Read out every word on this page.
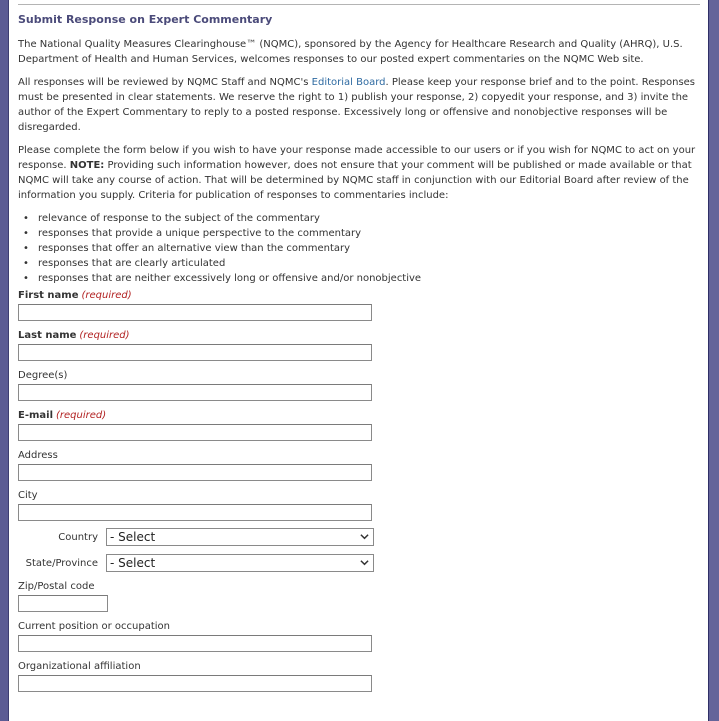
Submit Response on Expert Commentary

The National Quality Measures Clearinghouse™ (NQMC), sponsored by the Agency for Healthcare Research and Quality (AHRQ), U.S. Department of Health and Human Services, welcomes responses to our posted expert commentaries on the NQMC Web site.

All responses will be reviewed by NQMC Staff and NQMC's Editorial Board. Please keep your response brief and to the point. Responses must be presented in clear statements. We reserve the right to 1) publish your response, 2) copyedit your response, and 3) invite the author of the Expert Commentary to reply to a posted response. Excessively long or offensive and nonobjective responses will be disregarded.

Please complete the form below if you wish to have your response made accessible to our users or if you wish for NQMC to act on your response. NOTE: Providing such information however, does not ensure that your comment will be published or made available or that NQMC will take any course of action. That will be determined by NQMC staff in conjunction with our Editorial Board after review of the information you supply. Criteria for publication of responses to commentaries include:

• relevance of response to the subject of the commentary
• responses that provide a unique perspective to the commentary
• responses that offer an alternative view than the commentary
• responses that are clearly articulated
• responses that are neither excessively long or offensive and/or nonobjective
First name (required)
Last name (required)
Degree(s)
E-mail (required)
Address
City
Country	- Select
State/Province	- Select
Zip/Postal code
Current position or occupation
Organizational affiliation
